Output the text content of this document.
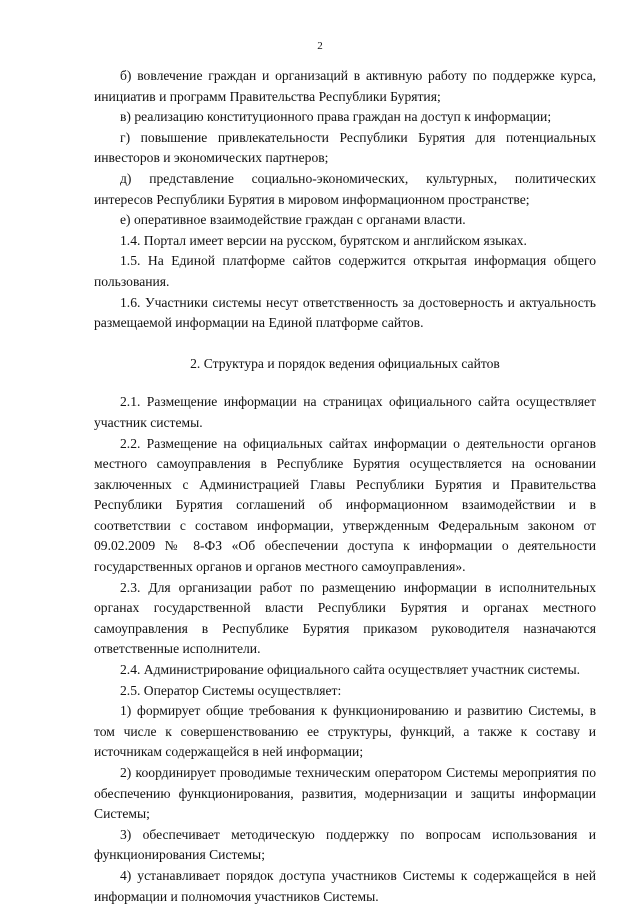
2

б) вовлечение граждан и организаций в активную работу по поддержке курса, инициатив и программ Правительства Республики Бурятия;

в) реализацию конституционного права граждан на доступ к информации;

г) повышение привлекательности Республики Бурятия для потенциальных инвесторов и экономических партнеров;

д) представление социально-экономических, культурных, политических интересов Республики Бурятия в мировом информационном пространстве;

е) оперативное взаимодействие граждан с органами власти.

1.4. Портал имеет версии на русском, бурятском и английском языках.

1.5. На Единой платформе сайтов содержится открытая информация общего пользования.

1.6. Участники системы несут ответственность за достоверность и актуальность размещаемой информации на Единой платформе сайтов.

2. Структура и порядок ведения официальных сайтов

2.1. Размещение информации на страницах официального сайта осуществляет участник системы.

2.2. Размещение на официальных сайтах информации о деятельности органов местного самоуправления в Республике Бурятия осуществляется на основании заключенных с Администрацией Главы Республики Бурятия и Правительства Республики Бурятия соглашений об информационном взаимодействии и в соответствии с составом информации, утвержденным Федеральным законом от 09.02.2009 № 8-ФЗ «Об обеспечении доступа к информации о деятельности государственных органов и органов местного самоуправления».

2.3. Для организации работ по размещению информации в исполнительных органах государственной власти Республики Бурятия и органах местного самоуправления в Республике Бурятия приказом руководителя назначаются ответственные исполнители.

2.4. Администрирование официального сайта осуществляет участник системы.

2.5. Оператор Системы осуществляет:

1) формирует общие требования к функционированию и развитию Системы, в том числе к совершенствованию ее структуры, функций, а также к составу и источникам содержащейся в ней информации;

2) координирует проводимые техническим оператором Системы мероприятия по обеспечению функционирования, развития, модернизации и защиты информации Системы;

3) обеспечивает методическую поддержку по вопросам использования и функционирования Системы;

4) устанавливает порядок доступа участников Системы к содержащейся в ней информации и полномочия участников Системы.
